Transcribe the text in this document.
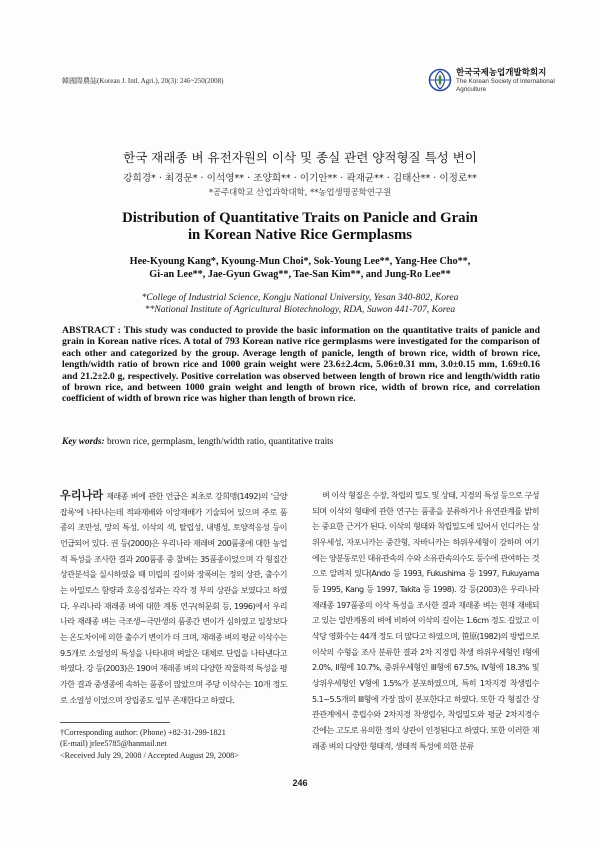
韓國際農誌(Korean J. Intl. Agri.), 20(3): 246~250(2008)
한국국제농업개발학회지
The Korean Society of International Agriculture
한국 재래종 벼 유전자원의 이삭 및 종실 관련 양적형질 특성 변이
강희경* · 최경문* · 이석영** · 조양희** · 이기안** · 곽재균** · 김태산** · 이정로**
*공주대학교 산업과학대학, **농업생명공학연구원
Distribution of Quantitative Traits on Panicle and Grain
in Korean Native Rice Germplasms
Hee-Kyoung Kang*, Kyoung-Mun Choi*, Sok-Young Lee**, Yang-Hee Cho**,
Gi-an Lee**, Jae-Gyun Gwag**, Tae-San Kim**, and Jung-Ro Lee**
*College of Industrial Science, Kongju National University, Yesan 340-802, Korea
**National Institute of Agricultural Biotechnology, RDA, Suwon 441-707, Korea
ABSTRACT : This study was conducted to provide the basic information on the quantitative traits of panicle and grain in Korean native rices. A total of 793 Korean native rice germplasms were investigated for the comparison of each other and categorized by the group. Average length of panicle, length of brown rice, width of brown rice, length/width ratio of brown rice and 1000 grain weight were 23.6±2.4cm, 5.06±0.31 mm, 3.0±0.15 mm, 1.69±0.16 and 21.2±2.0 g, respectively. Positive correlation was observed between length of brown rice and length/width ratio of brown rice, and between 1000 grain weight and length of brown rice, width of brown rice, and correlation coefficient of width of brown rice was higher than length of brown rice.
Key words: brown rice, germplasm, length/width ratio, quantitative traits
우리나라 재래종 벼에 관한 언급은 최초로 강희맹(1492)의 '금양잡록'에 나타나는데 적파재배와 이앙재배가 기술되어 있으며 주로 품종의 조만성, 망의 특성, 이삭의 색, 탈립성, 내병성, 토양적응성 등이 언급되어 있다. 권 등(2000)은 우리나라 재래벼 200품종에 대한 농업적 특성을 조사한 결과 200품종 중 찰벼는 35품종이었으며 각 형질간 상관분석을 실시하였을 때 미립의 길이와 장폭비는 정의 상관, 출수기는 아밀로스 함량과 호응집성과는 각각 정 부의 상관을 보였다고 하였다. 우리나라 재래종 벼에 대한 계통 연구(허문회 등, 1996)에서 우리나라 재래종 벼는 극조생~극만생의 품종간 변이가 심하였고 일장보다는 온도차이에 의한 출수기 변이가 더 크며, 재래종 벼의 평균 이삭수는 9.5개로 소얼성의 특성을 나타내며 벼알은 대체로 단립을 나타낸다고 하였다. 강 등(2003)은 190여 재래종 벼의 다양한 작물학적 특성을 평가한 결과 중생종에 속하는 품종이 많았으며 주당 이삭수는 10개 정도로 소얼성 이었으며 장립종도 일부 존재한다고 하였다.

벼 이삭 형질은 수장, 착립의 밀도 및 상태, 지경의 특성 등으로 구성되며 이삭의 형태에 관한 연구는 품종을 분류하거나 유연관계를 밝히는 중요한 근거가 된다. 이삭의 형태와 착립밀도에 있어서 인디카는 상위우세성, 자포니카는 중간형, 자바니카는 하위우세형이 강하며 여기에는 양분동로인 대유관속의 수와 소유관속의수도 등수에 관여하는 것으로 알려져 있다(Ando 등 1993, Fukushima 등 1997, Fukuyama 등 1995, Kang 등 1997, Takita 등 1998). 강 등(2003)은 우리나라 재래종 197품종의 이삭 특성을 조사한 결과 재래종 벼는 현재 재배되고 있는 일반계통의 벼에 비하여 이삭의 길이는 1.6cm 정도 길었고 이삭당 영화수는 44개 정도 더 많다고 하였으며, 笹原(1982)의 방법으로 이삭의 수형을 조사 분류한 결과 2차 지경립 착생 하위우세형인 I형에 2.0%, II형에 10.7%, 중위우세형인 III형에 67.5%, IV형에 18.3% 및 상위우세형인 V형에 1.5%가 분포하였으며, 특히 1차지경 착생립수 5.1~5.5개의 III형에 가장 많이 분포한다고 하였다. 또한 각 형질간 상관관계에서 총립수와 2차지경 착생립수, 착립밀도와 평균 2차지경수 간에는 고도로 유의한 정의 상관이 인정된다고 하였다. 또한 이러한 재래종 벼의 다양한 형태적, 생태적 특성에 의한 분류

†Corresponding author: (Phone) +82-31-299-1821
(E-mail) jrlee5785@hanmail.net
<Received July 29, 2008 / Accepted August 29, 2008>
246
